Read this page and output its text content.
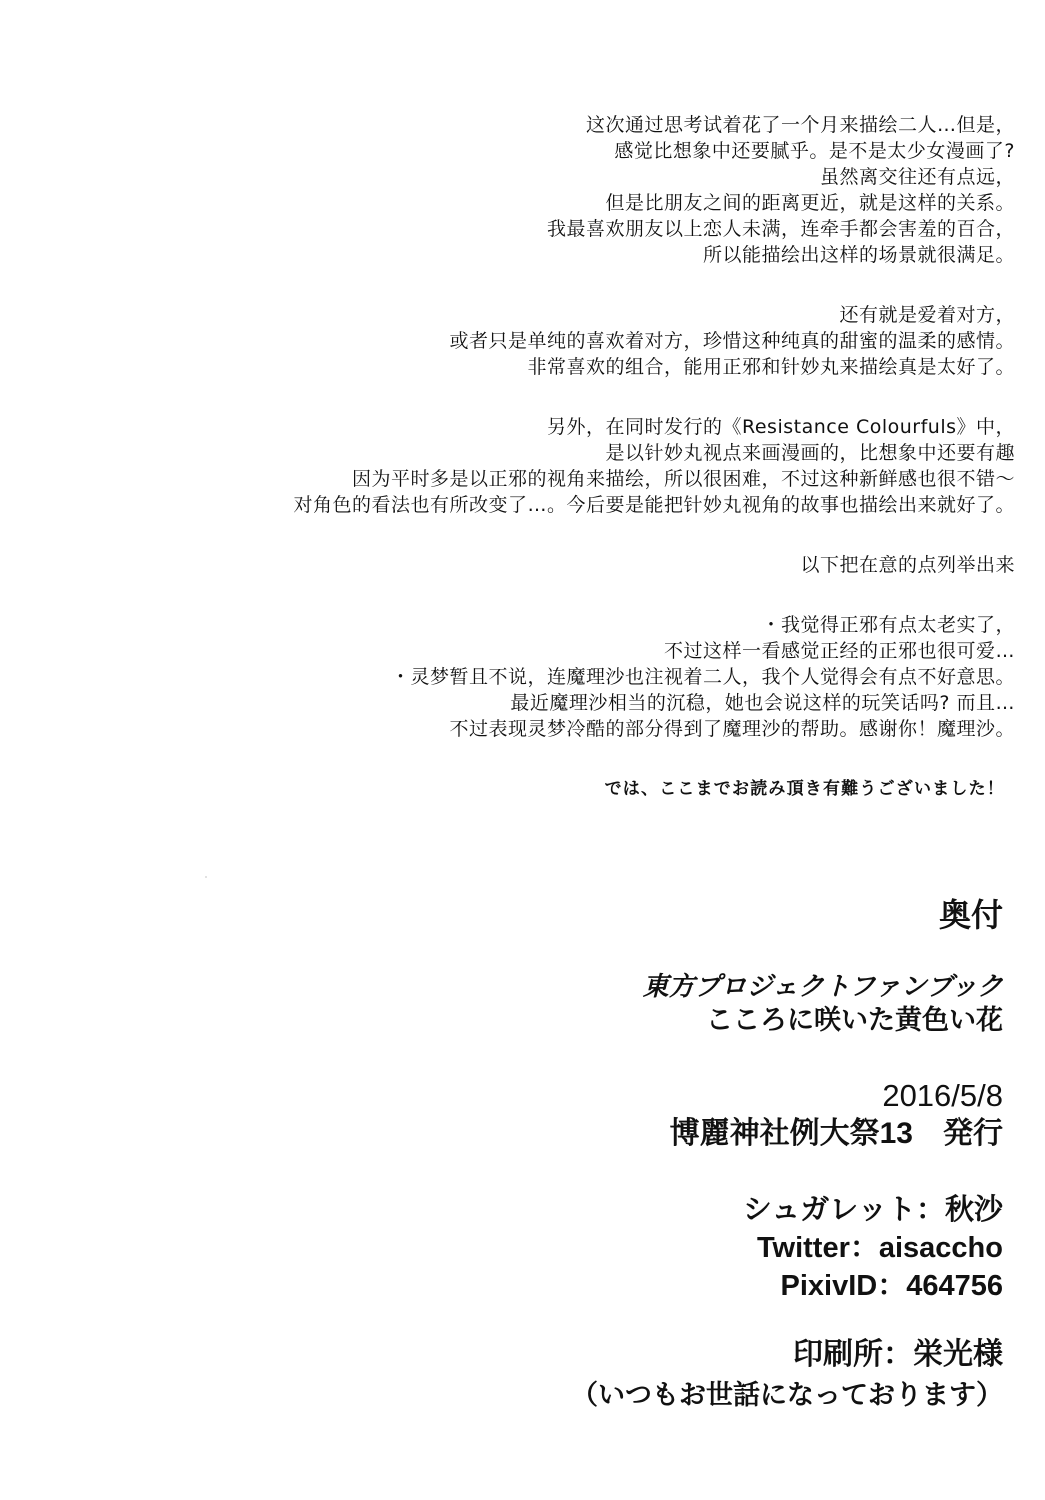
这次通过思考试着花了一个月来描绘二人…但是，
感觉比想象中还要腻乎。是不是太少女漫画了?
虽然离交往还有点远，
但是比朋友之间的距离更近，就是这样的关系。
我最喜欢朋友以上恋人未满，连牵手都会害羞的百合，
所以能描绘出这样的场景就很满足。
还有就是爱着对方，
或者只是单纯的喜欢着对方，珍惜这种纯真的甜蜜的温柔的感情。
非常喜欢的组合，能用正邪和针妙丸来描绘真是太好了。
另外，在同时发行的《Resistance Colourfuls》中，
是以针妙丸视点来画漫画的，比想象中还要有趣
因为平时多是以正邪的视角来描绘，所以很困难，不过这种新鲜感也很不错～
对角色的看法也有所改变了…。今后要是能把针妙丸视角的故事也描绘出来就好了。
以下把在意的点列举出来
・我觉得正邪有点太老实了，
不过这样一看感觉正经的正邪也很可爱…
・灵梦暂且不说，连魔理沙也注视着二人，我个人觉得会有点不好意思。
最近魔理沙相当的沉稳，她也会说这样的玩笑话吗? 而且…
不过表现灵梦冷酷的部分得到了魔理沙的帮助。感谢你！魔理沙。
では、ここまでお読み頂き有難うございました！
奥付
東方プロジェクトファンブック
こころに咲いた黄色い花
2016/5/8
博麗神社例大祭13　発行
シュガレット：秋沙
Twitter：aisaccho
PixivID：464756
印刷所：栄光様
（いつもお世話になっております）
